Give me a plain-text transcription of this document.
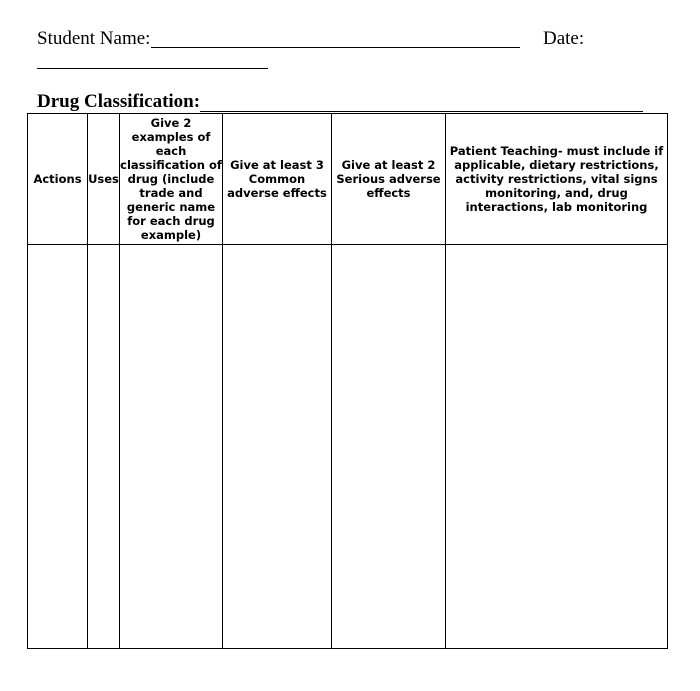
Student Name:	Date:
Drug Classification:
Actions	Uses	Give 2 examples of each classification of drug (include trade and generic name for each drug example)	Give at least 3 Common adverse effects	Give at least 2 Serious adverse effects	Patient Teaching- must include if applicable, dietary restrictions, activity restrictions, vital signs monitoring, and, drug interactions, lab monitoring
